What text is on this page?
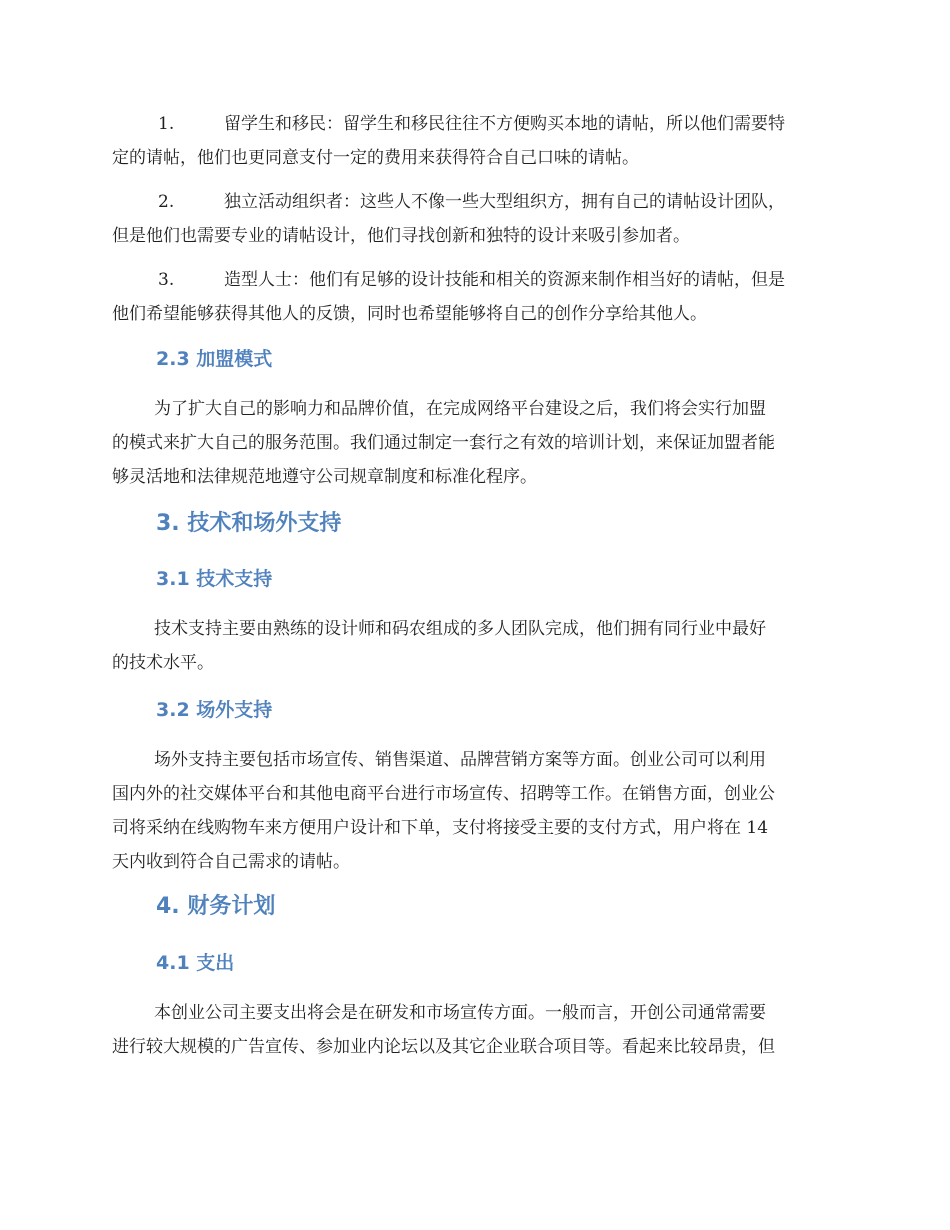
1.	留学生和移民：留学生和移民往往不方便购买本地的请帖，所以他们需要特
定的请帖，他们也更同意支付一定的费用来获得符合自己口味的请帖。
2.	独立活动组织者：这些人不像一些大型组织方，拥有自己的请帖设计团队，
但是他们也需要专业的请帖设计，他们寻找创新和独特的设计来吸引参加者。
3.	造型人士：他们有足够的设计技能和相关的资源来制作相当好的请帖，但是
他们希望能够获得其他人的反馈，同时也希望能够将自己的创作分享给其他人。
2.3 加盟模式
为了扩大自己的影响力和品牌价值，在完成网络平台建设之后，我们将会实行加盟
的模式来扩大自己的服务范围。我们通过制定一套行之有效的培训计划，来保证加盟者能
够灵活地和法律规范地遵守公司规章制度和标准化程序。
3. 技术和场外支持
3.1 技术支持
技术支持主要由熟练的设计师和码农组成的多人团队完成，他们拥有同行业中最好
的技术水平。
3.2 场外支持
场外支持主要包括市场宣传、销售渠道、品牌营销方案等方面。创业公司可以利用
国内外的社交媒体平台和其他电商平台进行市场宣传、招聘等工作。在销售方面，创业公
司将采纳在线购物车来方便用户设计和下单，支付将接受主要的支付方式，用户将在 14
天内收到符合自己需求的请帖。
4. 财务计划
4.1 支出
本创业公司主要支出将会是在研发和市场宣传方面。一般而言，开创公司通常需要
进行较大规模的广告宣传、参加业内论坛以及其它企业联合项目等。看起来比较昂贵，但
